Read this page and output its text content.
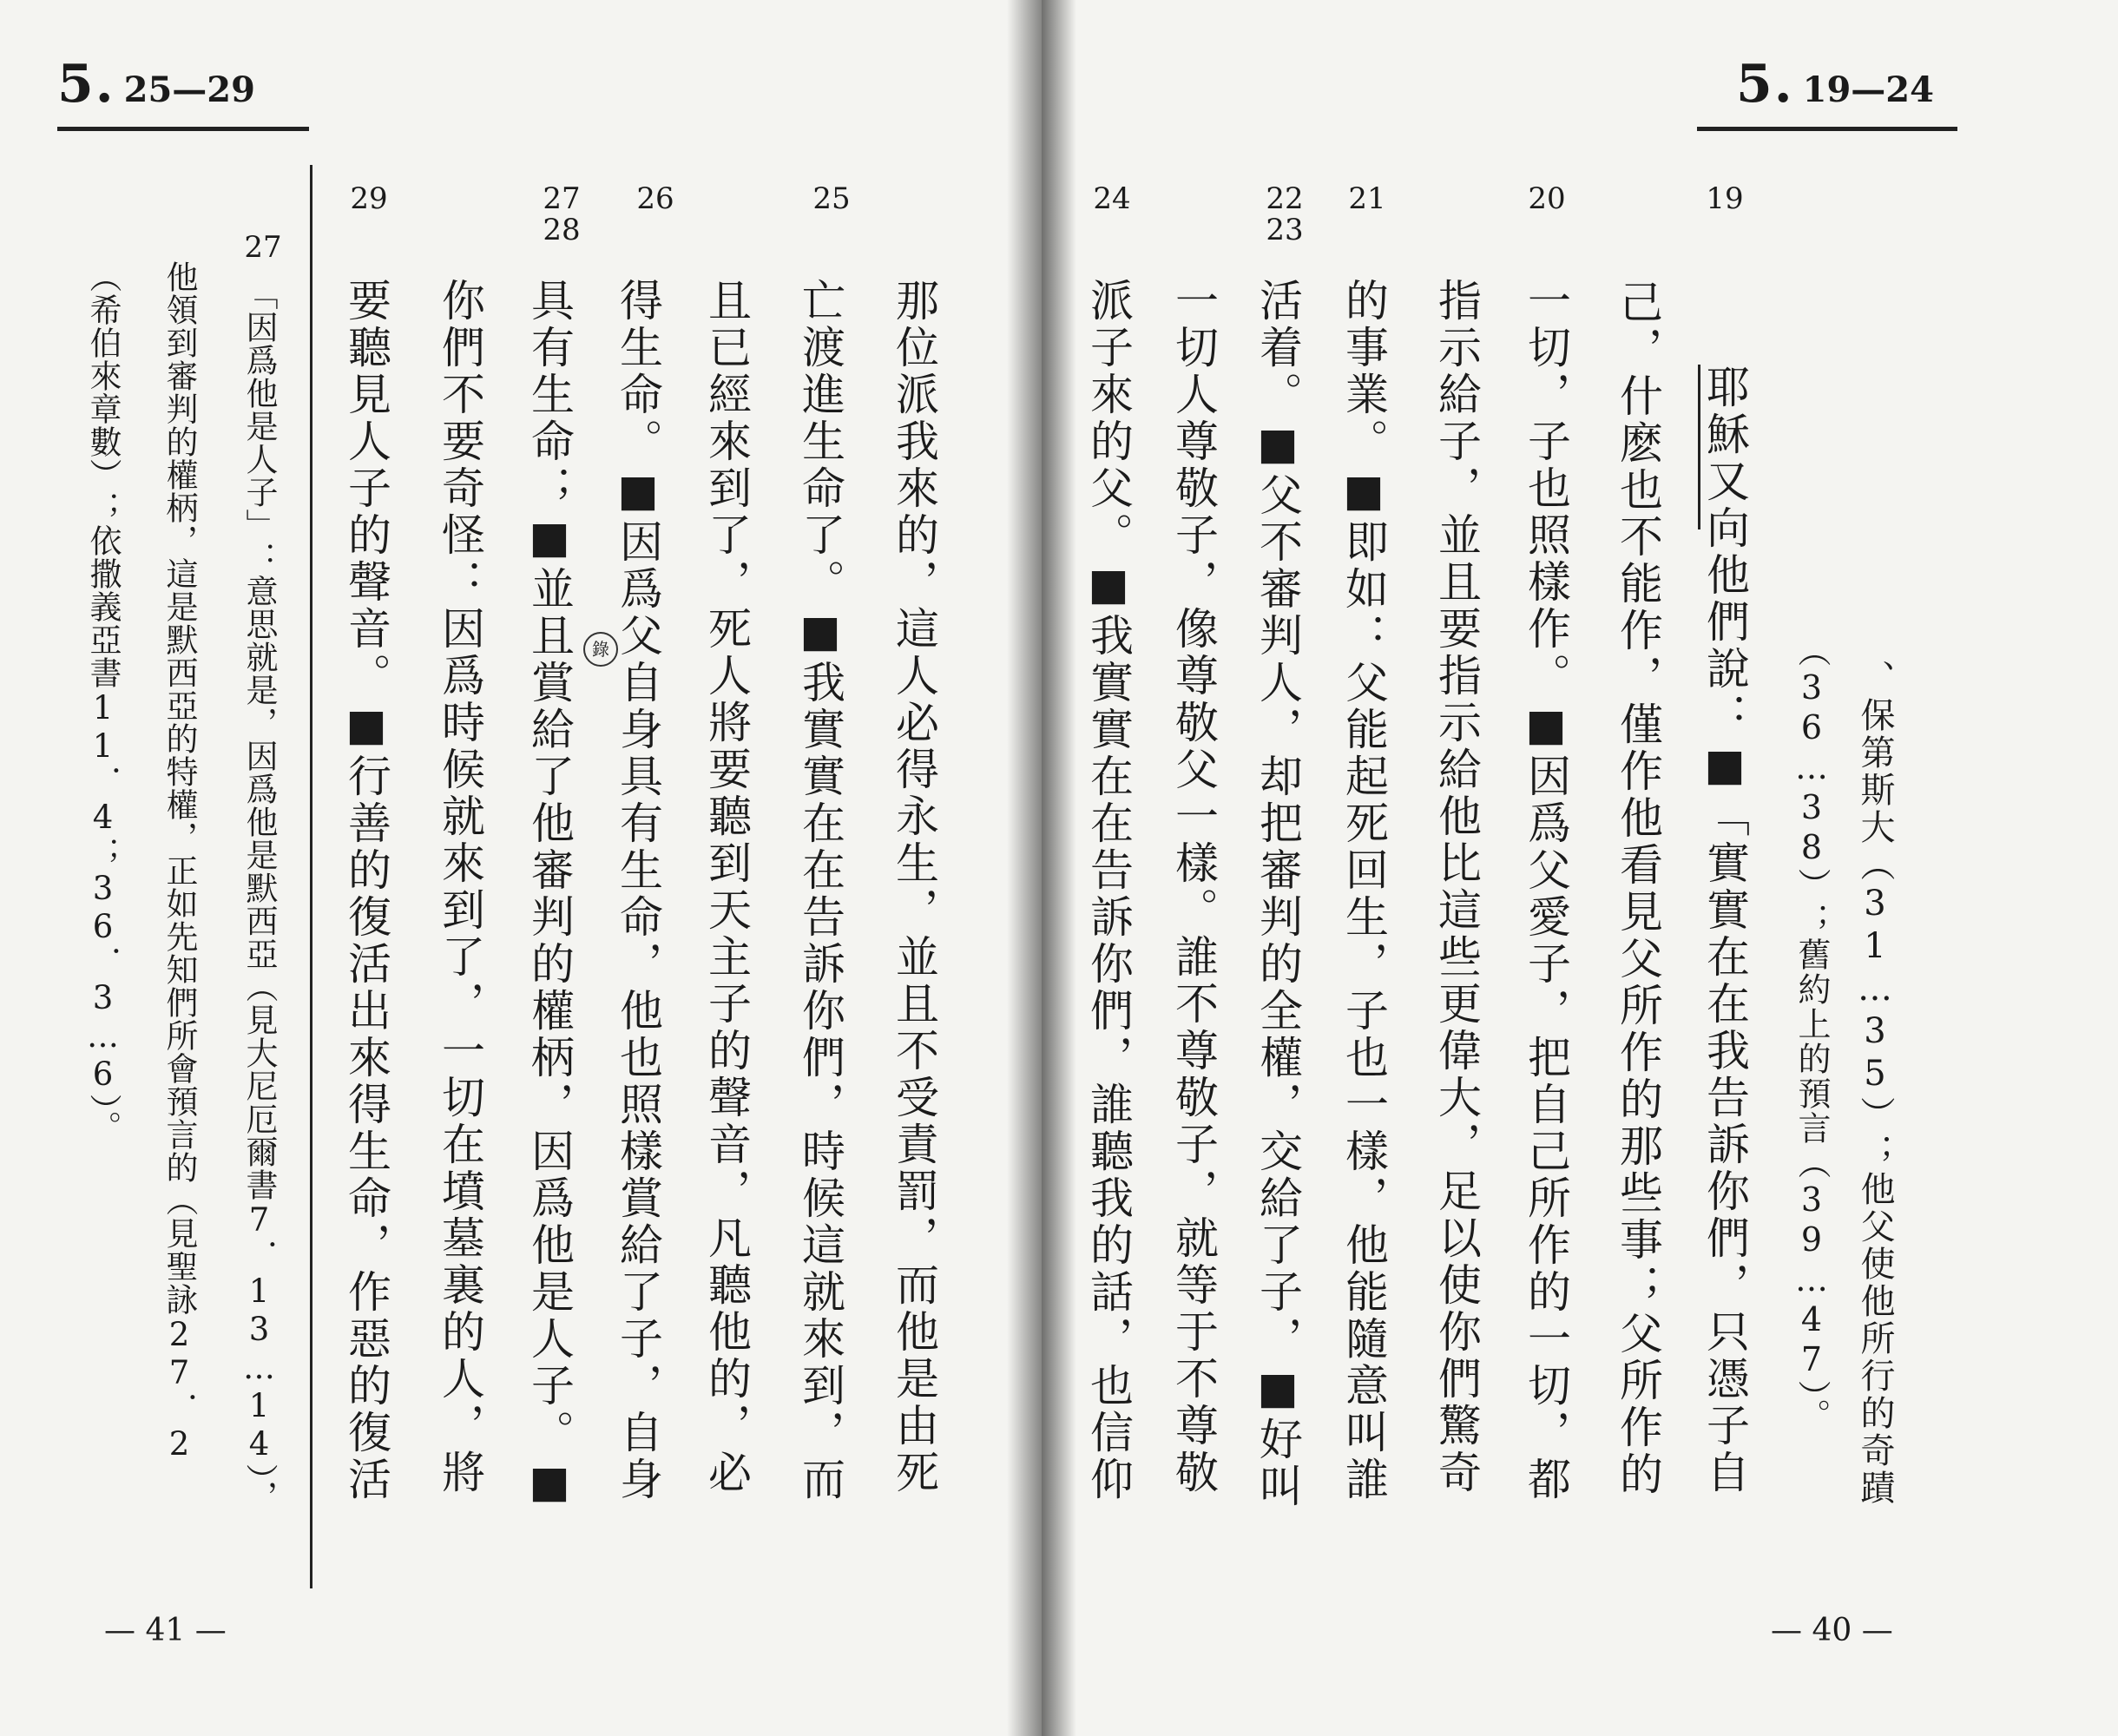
5. 25—29
29	27
28
26	25
27
那位派我來的，這人必得永生，並且不受責罰，而他是由死
亡渡進生命了。■我實實在在告訴你們，時候這就來到，而
且已經來到了，死人將要聽到天主子的聲音，凡聽他的，必
得生命。■因爲父自身具有生命，他也照樣賞給了子，自身
具有生命；■並且賞給了他審判的權柄，因爲他是人子。■
你們不要奇怪：因爲時候就來到了，一切在墳墓裏的人，將
要聽見人子的聲音。■行善的復活出來得生命，作惡的復活	錄
「因爲他是人子」：意思就是，因爲他是默西亞（見大尼厄爾書7．13…14），
他領到審判的權柄，這是默西亞的特權，正如先知們所會預言的（見聖詠27．2
（希伯來章數）；依撒義亞書11．4；36．3…6）。
— 41 —
5. 19—24
24	22
23
21	20	19
、保第斯大（31…35）；他父使他所行的奇蹟
（36…38）；舊約上的預言（39…47）。
耶穌又向他們說：■「實實在在我告訴你們，只憑子自
己，什麽也不能作，僅作他看見父所作的那些事；父所作的
一切，子也照樣作。■因爲父愛子，把自己所作的一切，都
指示給子，並且要指示給他比這些更偉大，足以使你們驚奇
的事業。■即如：父能起死回生，子也一樣，他能隨意叫誰
活着。■父不審判人，却把審判的全權，交給了子，■好叫
一切人尊敬子，像尊敬父一樣。誰不尊敬子，就等于不尊敬
派子來的父。■我實實在在告訴你們，誰聽我的話，也信仰
— 40 —
